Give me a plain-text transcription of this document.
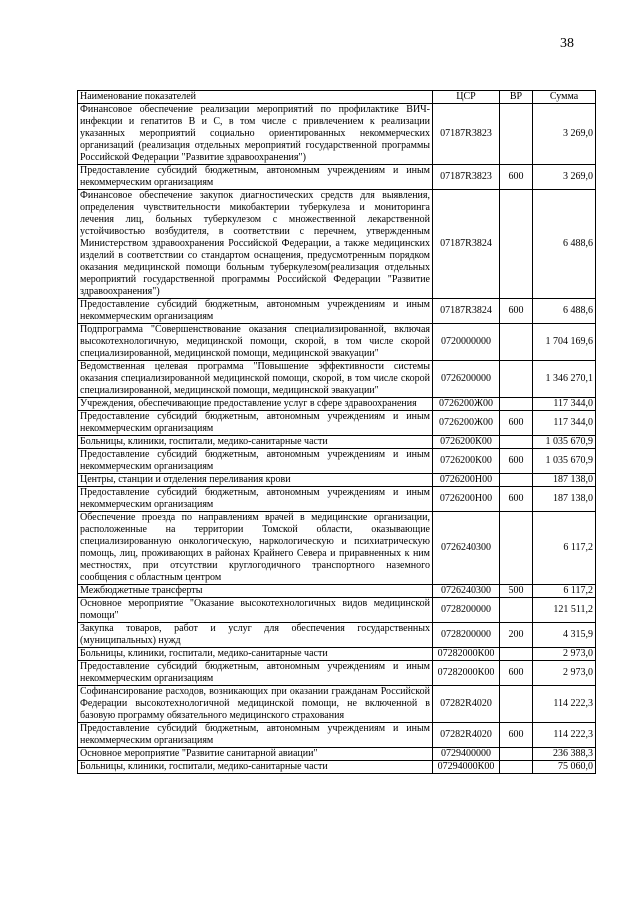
38
Наименование показателей	ЦСР	ВР	Сумма
Финансовое обеспечение реализации мероприятий по профилактике ВИЧ-инфекции и гепатитов В и С, в том числе с привлечением к реализации указанных мероприятий социально ориентированных некоммерческих организаций (реализация отдельных мероприятий государственной программы Российской Федерации "Развитие здравоохранения")	07187R3823		3 269,0
Предоставление субсидий бюджетным, автономным учреждениям и иным некоммерческим организациям	07187R3823	600	3 269,0
Финансовое обеспечение закупок диагностических средств для выявления, определения чувствительности микобактерии туберкулеза и мониторинга лечения лиц, больных туберкулезом с множественной лекарственной устойчивостью возбудителя, в соответствии с перечнем, утвержденным Министерством здравоохранения Российской Федерации, а также медицинских изделий в соответствии со стандартом оснащения, предусмотренным порядком оказания медицинской помощи больным туберкулезом(реализация отдельных мероприятий государственной программы Российской Федерации "Развитие здравоохранения")	07187R3824		6 488,6
Предоставление субсидий бюджетным, автономным учреждениям и иным некоммерческим организациям	07187R3824	600	6 488,6
Подпрограмма "Совершенствование оказания специализированной, включая высокотехнологичную, медицинской помощи, скорой, в том числе скорой специализированной, медицинской помощи, медицинской эвакуации"	0720000000		1 704 169,6
Ведомственная целевая программа "Повышение эффективности системы оказания специализированной медицинской помощи, скорой, в том числе скорой специализированной, медицинской помощи, медицинской эвакуации"	0726200000		1 346 270,1
Учреждения, обеспечивающие предоставление услуг в сфере здравоохранения	0726200Ж00		117 344,0
Предоставление субсидий бюджетным, автономным учреждениям и иным некоммерческим организациям	0726200Ж00	600	117 344,0
Больницы, клиники, госпитали, медико-санитарные части	0726200К00		1 035 670,9
Предоставление субсидий бюджетным, автономным учреждениям и иным некоммерческим организациям	0726200К00	600	1 035 670,9
Центры, станции и отделения переливания крови	0726200Н00		187 138,0
Предоставление субсидий бюджетным, автономным учреждениям и иным некоммерческим организациям	0726200Н00	600	187 138,0
Обеспечение проезда по направлениям врачей в медицинские организации, расположенные на территории Томской области, оказывающие специализированную онкологическую, наркологическую и психиатрическую помощь, лиц, проживающих в районах Крайнего Севера и приравненных к ним местностях, при отсутствии круглогодичного транспортного наземного сообщения с областным центром	0726240300		6 117,2
Межбюджетные трансферты	0726240300	500	6 117,2
Основное мероприятие "Оказание высокотехнологичных видов медицинской помощи"	0728200000		121 511,2
Закупка товаров, работ и услуг для обеспечения государственных (муниципальных) нужд	0728200000	200	4 315,9
Больницы, клиники, госпитали, медико-санитарные части	07282000К00		2 973,0
Предоставление субсидий бюджетным, автономным учреждениям и иным некоммерческим организациям	07282000К00	600	2 973,0
Софинансирование расходов, возникающих при оказании гражданам Российской Федерации высокотехнологичной медицинской помощи, не включенной в базовую программу обязательного медицинского страхования	07282R4020		114 222,3
Предоставление субсидий бюджетным, автономным учреждениям и иным некоммерческим организациям	07282R4020	600	114 222,3
Основное мероприятие "Развитие санитарной авиации"	0729400000		236 388,3
Больницы, клиники, госпитали, медико-санитарные части	07294000К00		75 060,0
